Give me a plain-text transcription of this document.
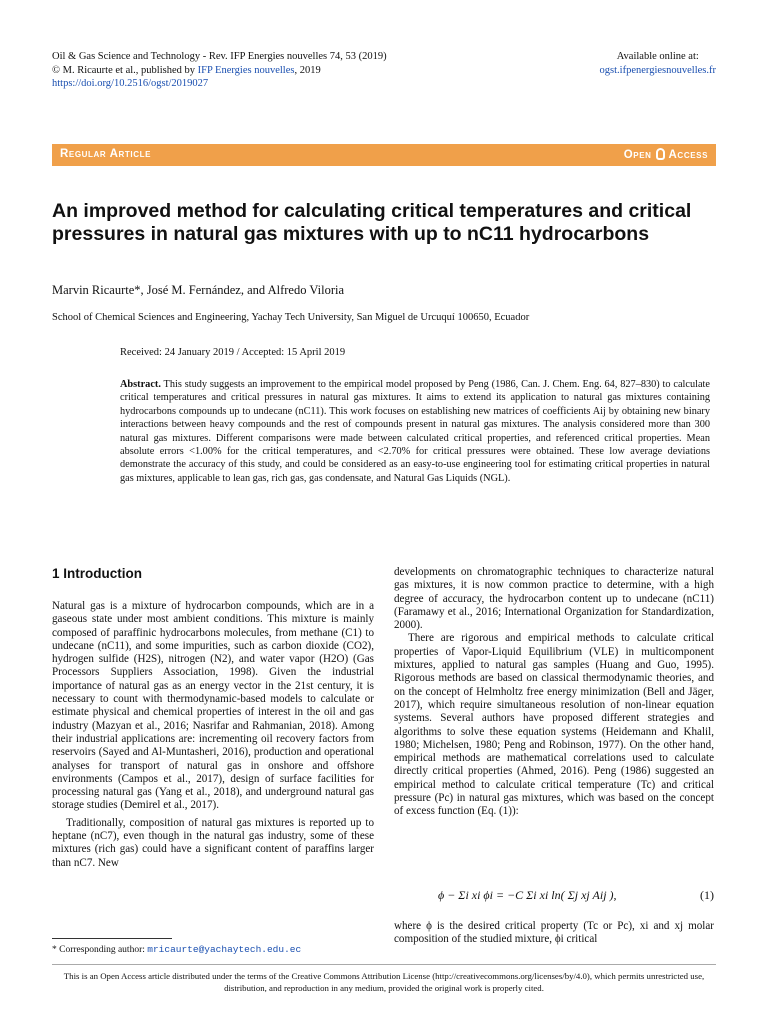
Oil & Gas Science and Technology - Rev. IFP Energies nouvelles 74, 53 (2019)
© M. Ricaurte et al., published by IFP Energies nouvelles, 2019
https://doi.org/10.2516/ogst/2019027
Available online at:
ogst.ifpenergiesnouvelles.fr
Regular Article	Open Access
An improved method for calculating critical temperatures and critical pressures in natural gas mixtures with up to nC11 hydrocarbons
Marvin Ricaurte*, José M. Fernández, and Alfredo Viloria
School of Chemical Sciences and Engineering, Yachay Tech University, San Miguel de Urcuquí 100650, Ecuador
Received: 24 January 2019 / Accepted: 15 April 2019
Abstract. This study suggests an improvement to the empirical model proposed by Peng (1986, Can. J. Chem. Eng. 64, 827–830) to calculate critical temperatures and critical pressures in natural gas mixtures. It aims to extend its application to natural gas mixtures containing hydrocarbons compounds up to undecane (nC11). This work focuses on establishing new matrices of coefficients Aij by obtaining new binary interactions between heavy compounds and the rest of compounds present in natural gas mixtures. The analysis considered more than 300 natural gas mixtures. Different comparisons were made between calculated critical properties, and referenced critical properties. Mean absolute errors <1.00% for the critical temperatures, and <2.70% for critical pressures were obtained. These low average deviations demonstrate the accuracy of this study, and could be considered as an easy-to-use engineering tool for estimating critical properties in natural gas mixtures, applicable to lean gas, rich gas, gas condensate, and Natural Gas Liquids (NGL).
1 Introduction

Natural gas is a mixture of hydrocarbon compounds, which are in a gaseous state under most ambient conditions. This mixture is mainly composed of paraffinic hydrocarbons molecules, from methane (C1) to undecane (nC11), and some impurities, such as carbon dioxide (CO2), hydrogen sulfide (H2S), nitrogen (N2), and water vapor (H2O) (Gas Processors Suppliers Association, 1998). Given the industrial importance of natural gas as an energy vector in the 21st century, it is necessary to count with thermodynamic-based models to calculate or estimate physical and chemical properties of interest in the oil and gas industry (Mazyan et al., 2016; Nasrifar and Rahmanian, 2018). Among their industrial applications are: incrementing oil recovery factors from reservoirs (Sayed and Al-Muntasheri, 2016), production and operational analyses for transport of natural gas in onshore and offshore environments (Campos et al., 2017), design of surface facilities for processing natural gas (Yang et al., 2018), and underground natural gas storage studies (Demirel et al., 2017).

Traditionally, composition of natural gas mixtures is reported up to heptane (nC7), even though in the natural gas industry, some of these mixtures (rich gas) could have a significant content of paraffins larger than nC7. New

developments on chromatographic techniques to characterize natural gas mixtures, it is now common practice to determine, with a high degree of accuracy, the hydrocarbon content up to undecane (nC11) (Faramawy et al., 2016; International Organization for Standardization, 2000).

There are rigorous and empirical methods to calculate critical properties of Vapor-Liquid Equilibrium (VLE) in multicomponent mixtures, applied to natural gas samples (Huang and Guo, 1995). Rigorous methods are based on classical thermodynamic theories, and on the concept of Helmholtz free energy minimization (Bell and Jäger, 2017), which require simultaneous resolution of non-linear equation systems. Several authors have proposed different strategies and algorithms to solve these equation systems (Heidemann and Khalil, 1980; Michelsen, 1980; Peng and Robinson, 1977). On the other hand, empirical methods are mathematical correlations used to calculate directly critical properties (Ahmed, 2016). Peng (1986) suggested an empirical method to calculate critical temperature (Tc) and critical pressure (Pc) in natural gas mixtures, which was based on the concept of excess function (Eq. (1)):

ϕ − Σi xi ϕi = −C Σi xi ln( Σj xj Aij ),	(1)
where ϕ is the desired critical property (Tc or Pc), xi and xj molar composition of the studied mixture, ϕi critical
* Corresponding author: mricaurte@yachaytech.edu.ec
This is an Open Access article distributed under the terms of the Creative Commons Attribution License (http://creativecommons.org/licenses/by/4.0), which permits unrestricted use, distribution, and reproduction in any medium, provided the original work is properly cited.
